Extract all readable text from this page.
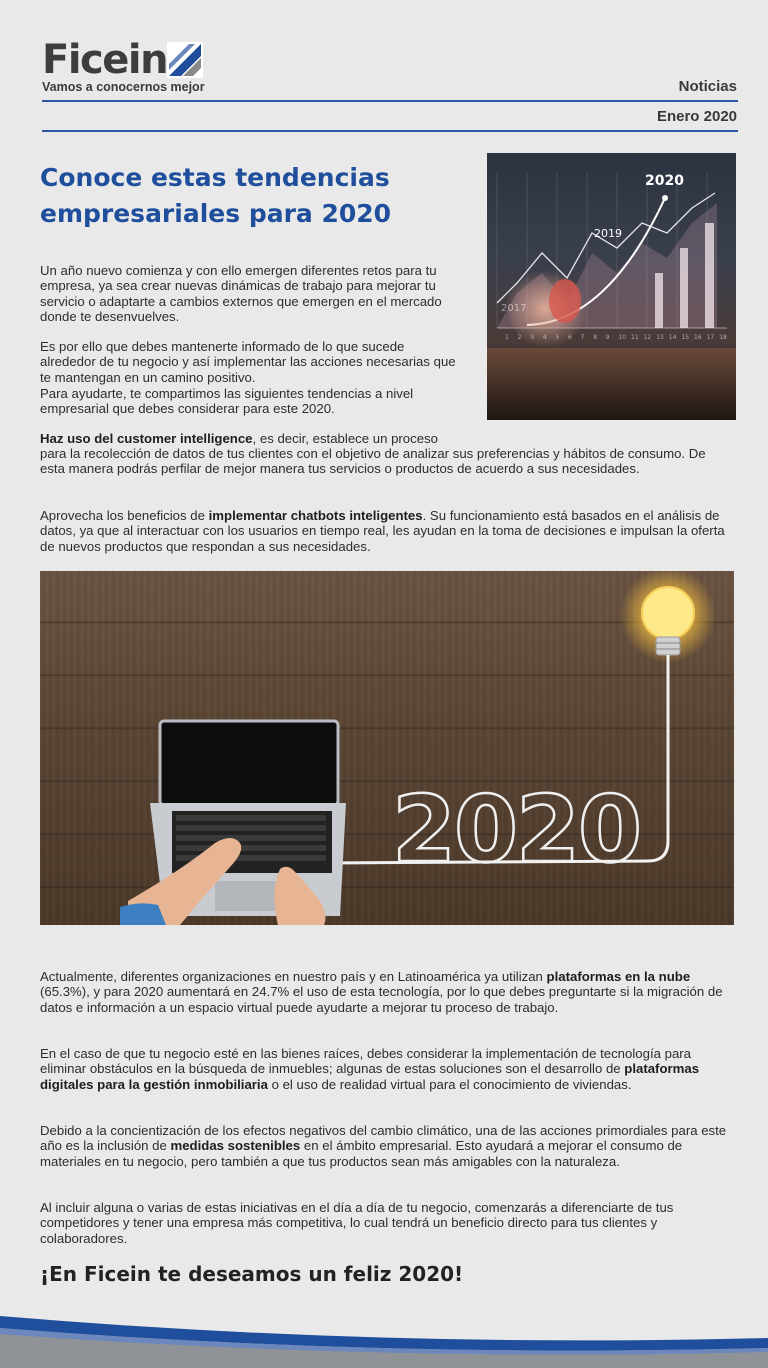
Ficein
Vamos a conocernos mejor	Noticias
Enero 2020
Conoce estas tendencias empresariales para 2020

Un año nuevo comienza y con ello emergen diferentes retos para tu empresa, ya sea crear nuevas dinámicas de trabajo para mejorar tu servicio o adaptarte a cambios externos que emergen en el mercado donde te desenvuelves.

Es por ello que debes mantenerte informado de lo que sucede alrededor de tu negocio y así implementar las acciones necesarias que te mantengan en un camino positivo.

Para ayudarte, te compartimos las siguientes tendencias a nivel empresarial que debes considerar para este 2020.

2020
2019
2017
1 2 3 4 5 6 7 8 9 10 11 12 13 14 15 16 17 18

Haz uso del customer intelligence, es decir, establece un proceso

para la recolección de datos de tus clientes con el objetivo de analizar sus preferencias y hábitos de consumo. De esta manera podrás perfilar de mejor manera tus servicios o productos de acuerdo a sus necesidades.

Aprovecha los beneficios de implementar chatbots inteligentes. Su funcionamiento está basados en el análisis de datos, ya que al interactuar con los usuarios en tiempo real, les ayudan en la toma de decisiones e impulsan la oferta de nuevos productos que respondan a sus necesidades.

2020

Actualmente, diferentes organizaciones en nuestro país y en Latinoamérica ya utilizan plataformas en la nube (65.3%), y para 2020 aumentará en 24.7% el uso de esta tecnología, por lo que debes preguntarte si la migración de datos e información a un espacio virtual puede ayudarte a mejorar tu proceso de trabajo.

En el caso de que tu negocio esté en las bienes raíces, debes considerar la implementación de tecnología para eliminar obstáculos en la búsqueda de inmuebles; algunas de estas soluciones son el desarrollo de plataformas digitales para la gestión inmobiliaria o el uso de realidad virtual para el conocimiento de viviendas.

Debido a la concientización de los efectos negativos del cambio climático, una de las acciones primordiales para este año es la inclusión de medidas sostenibles en el ámbito empresarial. Esto ayudará a mejorar el consumo de materiales en tu negocio, pero también a que tus productos sean más amigables con la naturaleza.

Al incluir alguna o varias de estas iniciativas en el día a día de tu negocio, comenzarás a diferenciarte de tus competidores y tener una empresa más competitiva, lo cual tendrá un beneficio directo para tus clientes y colaboradores.

¡En Ficein te deseamos un feliz 2020!
